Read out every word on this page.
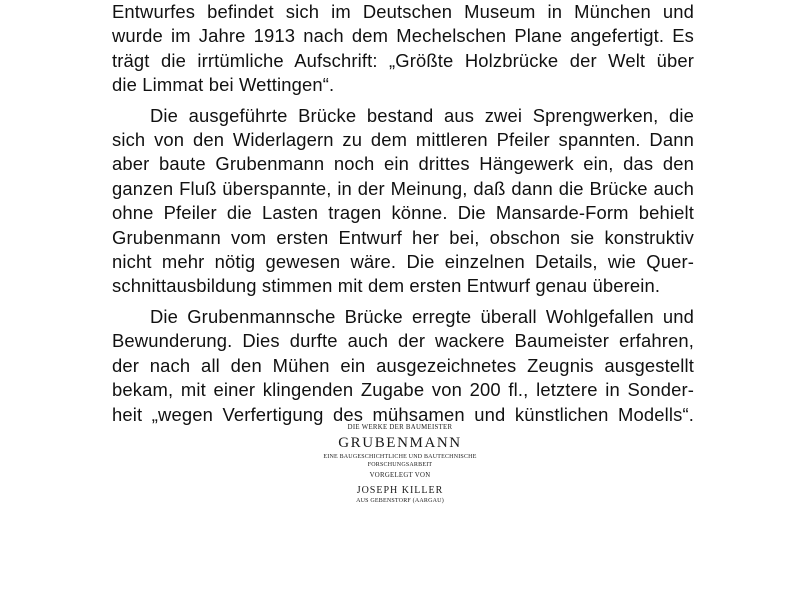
Entwurfes befindet sich im Deutschen Museum in München und
wurde im Jahre 1913 nach dem Mechelschen Plane angefertigt. Es
trägt die irrtümliche Aufschrift: „Größte Holzbrücke der Welt über
die Limmat bei Wettingen“.
Die ausgeführte Brücke bestand aus zwei Sprengwerken, die
sich von den Widerlagern zu dem mittleren Pfeiler spannten. Dann
aber baute Grubenmann noch ein drittes Hängewerk ein, das den
ganzen Fluß überspannte, in der Meinung, daß dann die Brücke auch
ohne Pfeiler die Lasten tragen könne. Die Mansarde-Form behielt
Grubenmann vom ersten Entwurf her bei, obschon sie konstruktiv
nicht mehr nötig gewesen wäre. Die einzelnen Details, wie Quer-
schnittausbildung stimmen mit dem ersten Entwurf genau überein.
Die Grubenmannsche Brücke erregte überall Wohlgefallen und
Bewunderung. Dies durfte auch der wackere Baumeister erfahren,
der nach all den Mühen ein ausgezeichnetes Zeugnis ausgestellt
bekam, mit einer klingenden Zugabe von 200 fl., letztere in Sonder-
heit „wegen Verfertigung des mühsamen und künstlichen Modells“.
DIE WERKE DER BAUMEISTER
GRUBENMANN
EINE BAUGESCHICHTLICHE UND BAUTECHNISCHE
FORSCHUNGSARBEIT
VORGELEGT VON
JOSEPH KILLER
AUS GEBENSTORF (AARGAU)
